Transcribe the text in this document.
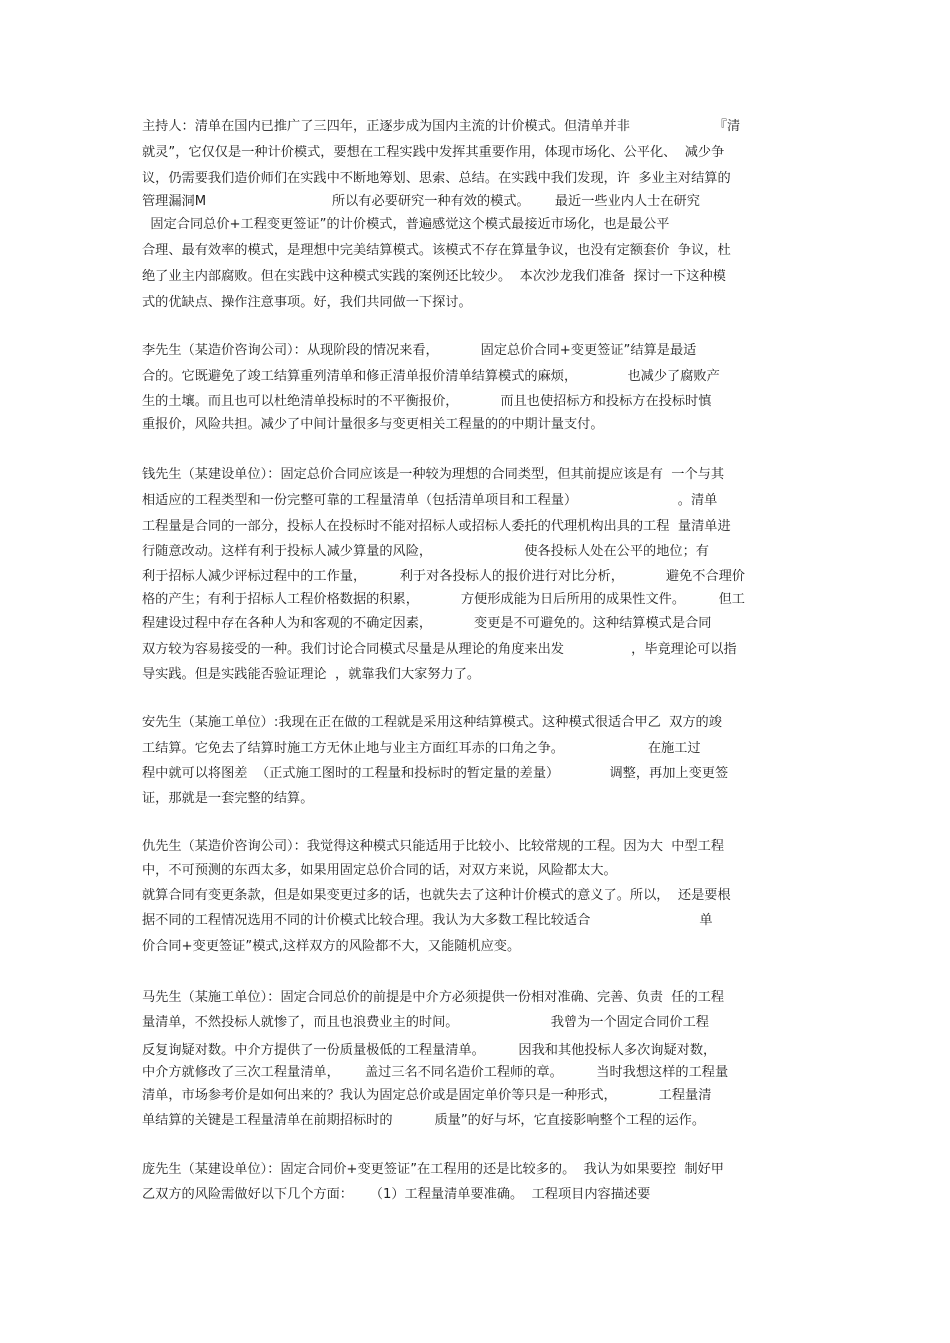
主持人：清单在国内已推广了三四年，正逐步成为国内主流的计价模式。但清单并非                    『清
就灵”，它仅仅是一种计价模式，要想在工程实践中发挥其重要作用，体现市场化、公平化、  减少争
议，仍需要我们造价师们在实践中不断地筹划、思索、总结。在实践中我们发现，许  多业主对结算的
管理漏洞M                              所以有必要研究一种有效的模式。      最近一些业内人士在研究
固定合同总价+工程变更签证”的计价模式，普遍感觉这个模式最接近市场化，也是最公平
合理、最有效率的模式，是理想中完美结算模式。该模式不存在算量争议，也没有定额套价  争议，杜
绝了业主内部腐败。但在实践中这种模式实践的案例还比较少。  本次沙龙我们准备  探讨一下这种模
式的优缺点、操作注意事项。好，我们共同做一下探讨。
李先生（某造价咨询公司）：从现阶段的情况来看，          固定总价合同+变更签证”结算是最适
合的。它既避免了竣工结算重列清单和修正清单报价清单结算模式的麻烦，            也减少了腐败产
生的土壤。而且也可以杜绝清单投标时的不平衡报价，          而且也使招标方和投标方在投标时慎
重报价，风险共担。减少了中间计量很多与变更相关工程量的的中期计量支付。
钱先生（某建设单位）：固定总价合同应该是一种较为理想的合同类型，但其前提应该是有  一个与其
相适应的工程类型和一份完整可靠的工程量清单（包括清单项目和工程量）                        。清单
工程量是合同的一部分，投标人在投标时不能对招标人或招标人委托的代理机构出具的工程  量清单进
行随意改动。这样有利于投标人减少算量的风险，                      使各投标人处在公平的地位；有
利于招标人减少评标过程中的工作量，        利于对各投标人的报价进行对比分析，          避免不合理价
格的产生；有利于招标人工程价格数据的积累，          方便形成能为日后所用的成果性文件。        但工
程建设过程中存在各种人为和客观的不确定因素，          变更是不可避免的。这种结算模式是合同
双方较为容易接受的一种。我们讨论合同模式尽量是从理论的角度来出发                ，毕竟理论可以指
导实践。但是实践能否验证理论  ，就靠我们大家努力了。
安先生（某施工单位）:我现在正在做的工程就是采用这种结算模式。这种模式很适合甲乙  双方的竣
工结算。它免去了结算时施工方无休止地与业主方面红耳赤的口角之争。                    在施工过
程中就可以将图差  （正式施工图时的工程量和投标时的暂定量的差量）            调整，再加上变更签
证，那就是一套完整的结算。
仇先生（某造价咨询公司）：我觉得这种模式只能适用于比较小、比较常规的工程。因为大  中型工程
中，不可预测的东西太多，如果用固定总价合同的话，对双方来说，风险都太大。
就算合同有变更条款，但是如果变更过多的话，也就失去了这种计价模式的意义了。所以，  还是要根
据不同的工程情况选用不同的计价模式比较合理。我认为大多数工程比较适合                          单
价合同+变更签证”模式,这样双方的风险都不大，又能随机应变。
马先生（某施工单位）：固定合同总价的前提是中介方必须提供一份相对准确、完善、负责  任的工程
量清单，不然投标人就惨了，而且也浪费业主的时间。                      我曾为一个固定合同价工程
反复询疑对数。中介方提供了一份质量极低的工程量清单。        因我和其他投标人多次询疑对数，
中介方就修改了三次工程量清单，      盖过三名不同名造价工程师的章。        当时我想这样的工程量
清单，市场参考价是如何出来的？我认为固定总价或是固定单价等只是一种形式，          工程量清
单结算的关键是工程量清单在前期招标时的          质量”的好与坏，它直接影响整个工程的运作。
庞先生（某建设单位）：固定合同价+变更签证”在工程用的还是比较多的。  我认为如果要控  制好甲
乙双方的风险需做好以下几个方面：    （1）工程量清单要准确。  工程项目内容描述要
